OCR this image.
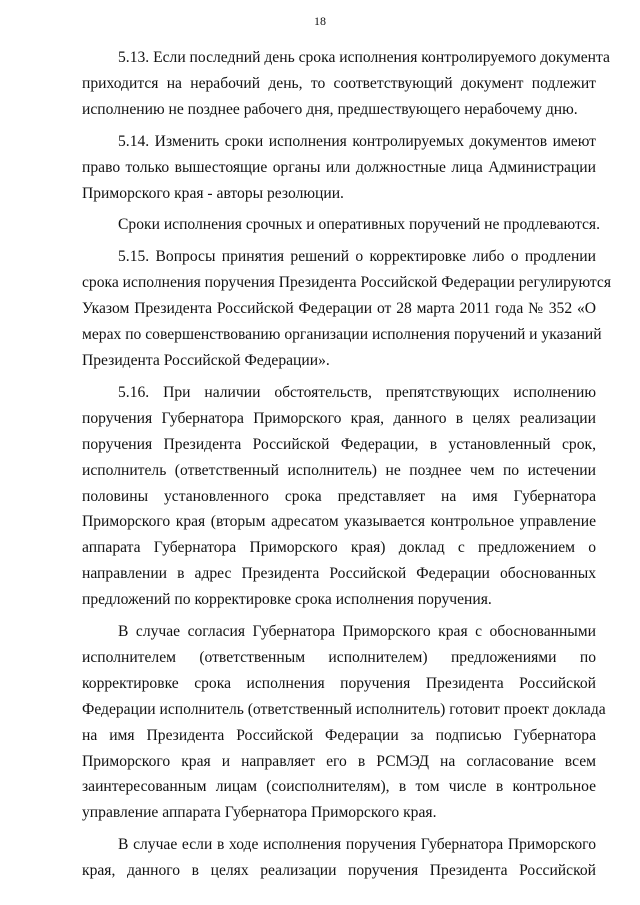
18
5.13. Если последний день срока исполнения контролируемого документа
приходится на нерабочий день, то соответствующий документ подлежит
исполнению не позднее рабочего дня, предшествующего нерабочему дню.
5.14. Изменить сроки исполнения контролируемых документов имеют
право только вышестоящие органы или должностные лица Администрации
Приморского края - авторы резолюции.
Сроки исполнения срочных и оперативных поручений не продлеваются.
5.15. Вопросы принятия решений о корректировке либо о продлении
срока исполнения поручения Президента Российской Федерации регулируются
Указом Президента Российской Федерации от 28 марта 2011 года № 352 «О
мерах по совершенствованию организации исполнения поручений и указаний
Президента Российской Федерации».
5.16. При наличии обстоятельств, препятствующих исполнению
поручения Губернатора Приморского края, данного в целях реализации
поручения Президента Российской Федерации, в установленный срок,
исполнитель (ответственный исполнитель) не позднее чем по истечении
половины установленного срока представляет на имя Губернатора
Приморского края (вторым адресатом указывается контрольное управление
аппарата Губернатора Приморского края) доклад с предложением о
направлении в адрес Президента Российской Федерации обоснованных
предложений по корректировке срока исполнения поручения.
В случае согласия Губернатора Приморского края с обоснованными
исполнителем (ответственным исполнителем) предложениями по
корректировке срока исполнения поручения Президента Российской
Федерации исполнитель (ответственный исполнитель) готовит проект доклада
на имя Президента Российской Федерации за подписью Губернатора
Приморского края и направляет его в РСМЭД на согласование всем
заинтересованным лицам (соисполнителям), в том числе в контрольное
управление аппарата Губернатора Приморского края.
В случае если в ходе исполнения поручения Губернатора Приморского
края, данного в целях реализации поручения Президента Российской
